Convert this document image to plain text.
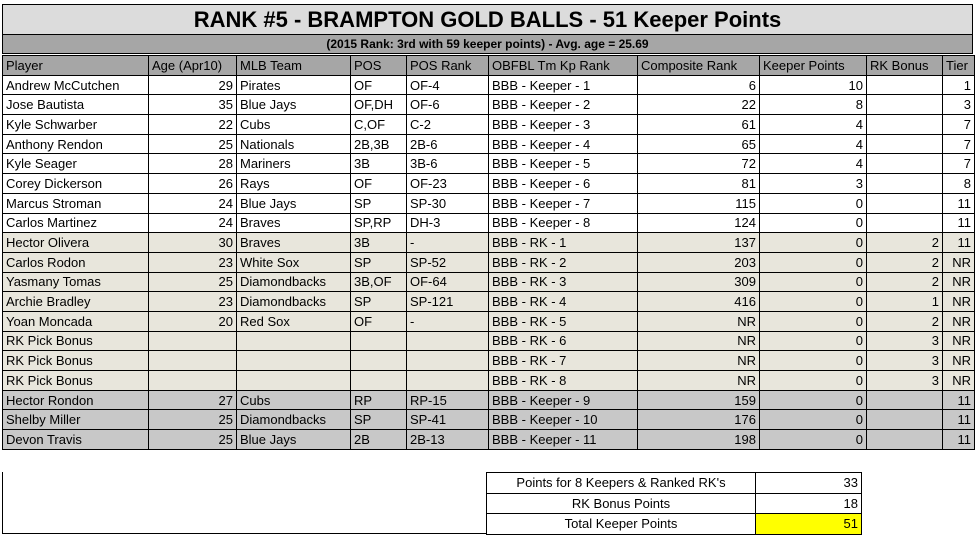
RANK #5 - BRAMPTON GOLD BALLS - 51 Keeper Points
(2015 Rank: 3rd with 59 keeper points) - Avg. age = 25.69
Player	Age (Apr10)	MLB Team	POS	POS Rank	OBFBL Tm Kp Rank	Composite Rank	Keeper Points	RK Bonus	Tier
Andrew McCutchen	29	Pirates	OF	OF-4	BBB - Keeper - 1	6	10		1
Jose Bautista	35	Blue Jays	OF,DH	OF-6	BBB - Keeper - 2	22	8		3
Kyle Schwarber	22	Cubs	C,OF	C-2	BBB - Keeper - 3	61	4		7
Anthony Rendon	25	Nationals	2B,3B	2B-6	BBB - Keeper - 4	65	4		7
Kyle Seager	28	Mariners	3B	3B-6	BBB - Keeper - 5	72	4		7
Corey Dickerson	26	Rays	OF	OF-23	BBB - Keeper - 6	81	3		8
Marcus Stroman	24	Blue Jays	SP	SP-30	BBB - Keeper - 7	115	0		11
Carlos Martinez	24	Braves	SP,RP	DH-3	BBB - Keeper - 8	124	0		11
Hector Olivera	30	Braves	3B	-	BBB - RK - 1	137	0	2	11
Carlos Rodon	23	White Sox	SP	SP-52	BBB - RK - 2	203	0	2	NR
Yasmany Tomas	25	Diamondbacks	3B,OF	OF-64	BBB - RK - 3	309	0	2	NR
Archie Bradley	23	Diamondbacks	SP	SP-121	BBB - RK - 4	416	0	1	NR
Yoan Moncada	20	Red Sox	OF	-	BBB - RK - 5	NR	0	2	NR
RK Pick Bonus					BBB - RK - 6	NR	0	3	NR
RK Pick Bonus					BBB - RK - 7	NR	0	3	NR
RK Pick Bonus					BBB - RK - 8	NR	0	3	NR
Hector Rondon	27	Cubs	RP	RP-15	BBB - Keeper - 9	159	0		11
Shelby Miller	25	Diamondbacks	SP	SP-41	BBB - Keeper - 10	176	0		11
Devon Travis	25	Blue Jays	2B	2B-13	BBB - Keeper - 11	198	0		11
Points for 8 Keepers & Ranked RK's	33
RK Bonus Points	18
Total Keeper Points	51
